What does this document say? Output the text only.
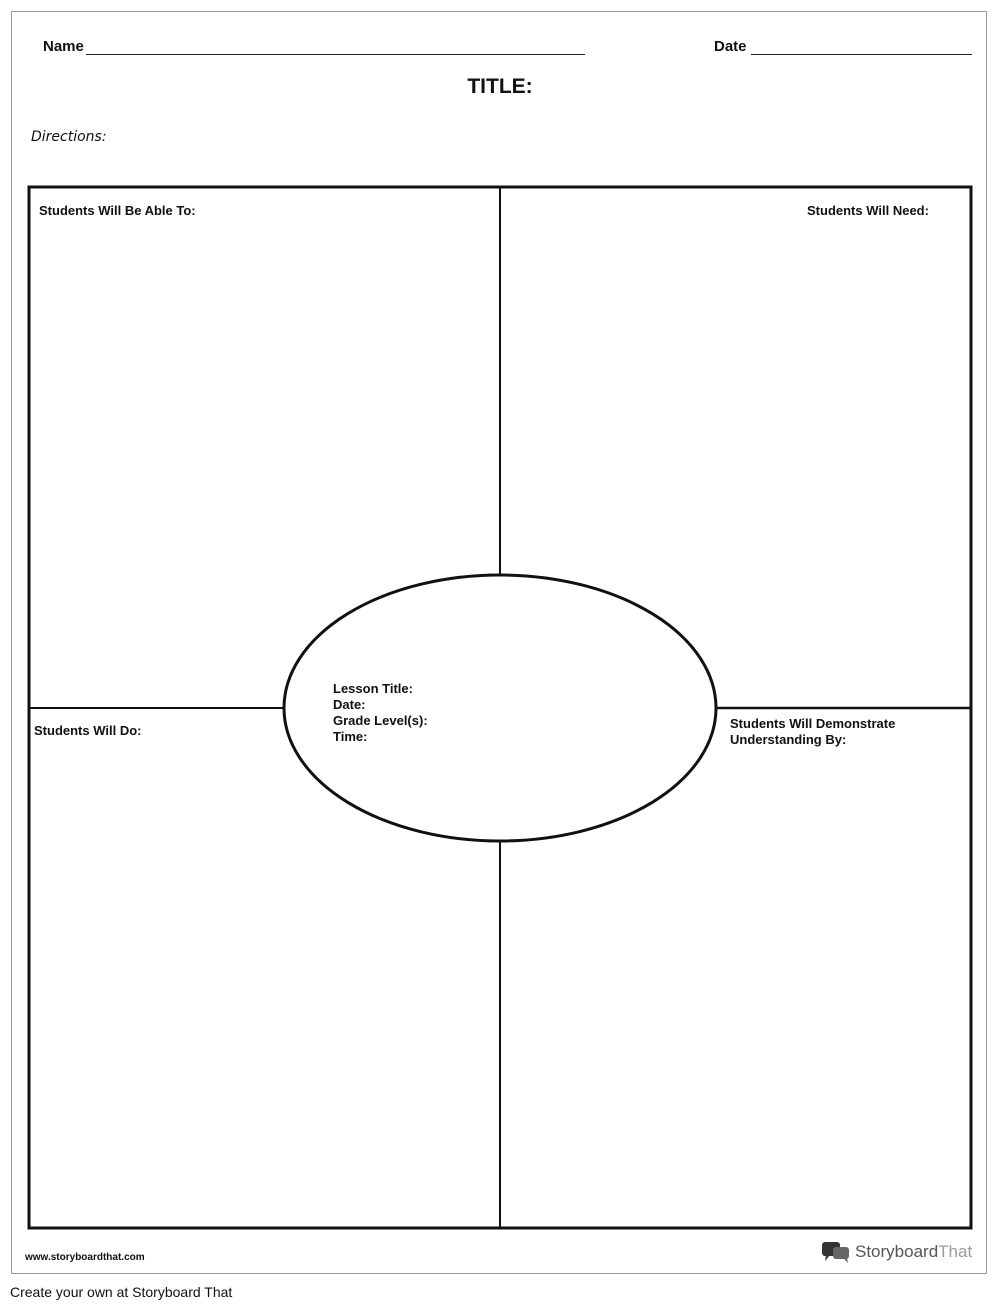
Name	Date
TITLE:
Directions:
Students Will Be Able To:	Students Will Need:
Students Will Do:	Students Will Demonstrate Understanding By:
Lesson Title:
Date:
Grade Level(s):
Time:
www.storyboardthat.com	StoryboardThat
Create your own at Storyboard That
